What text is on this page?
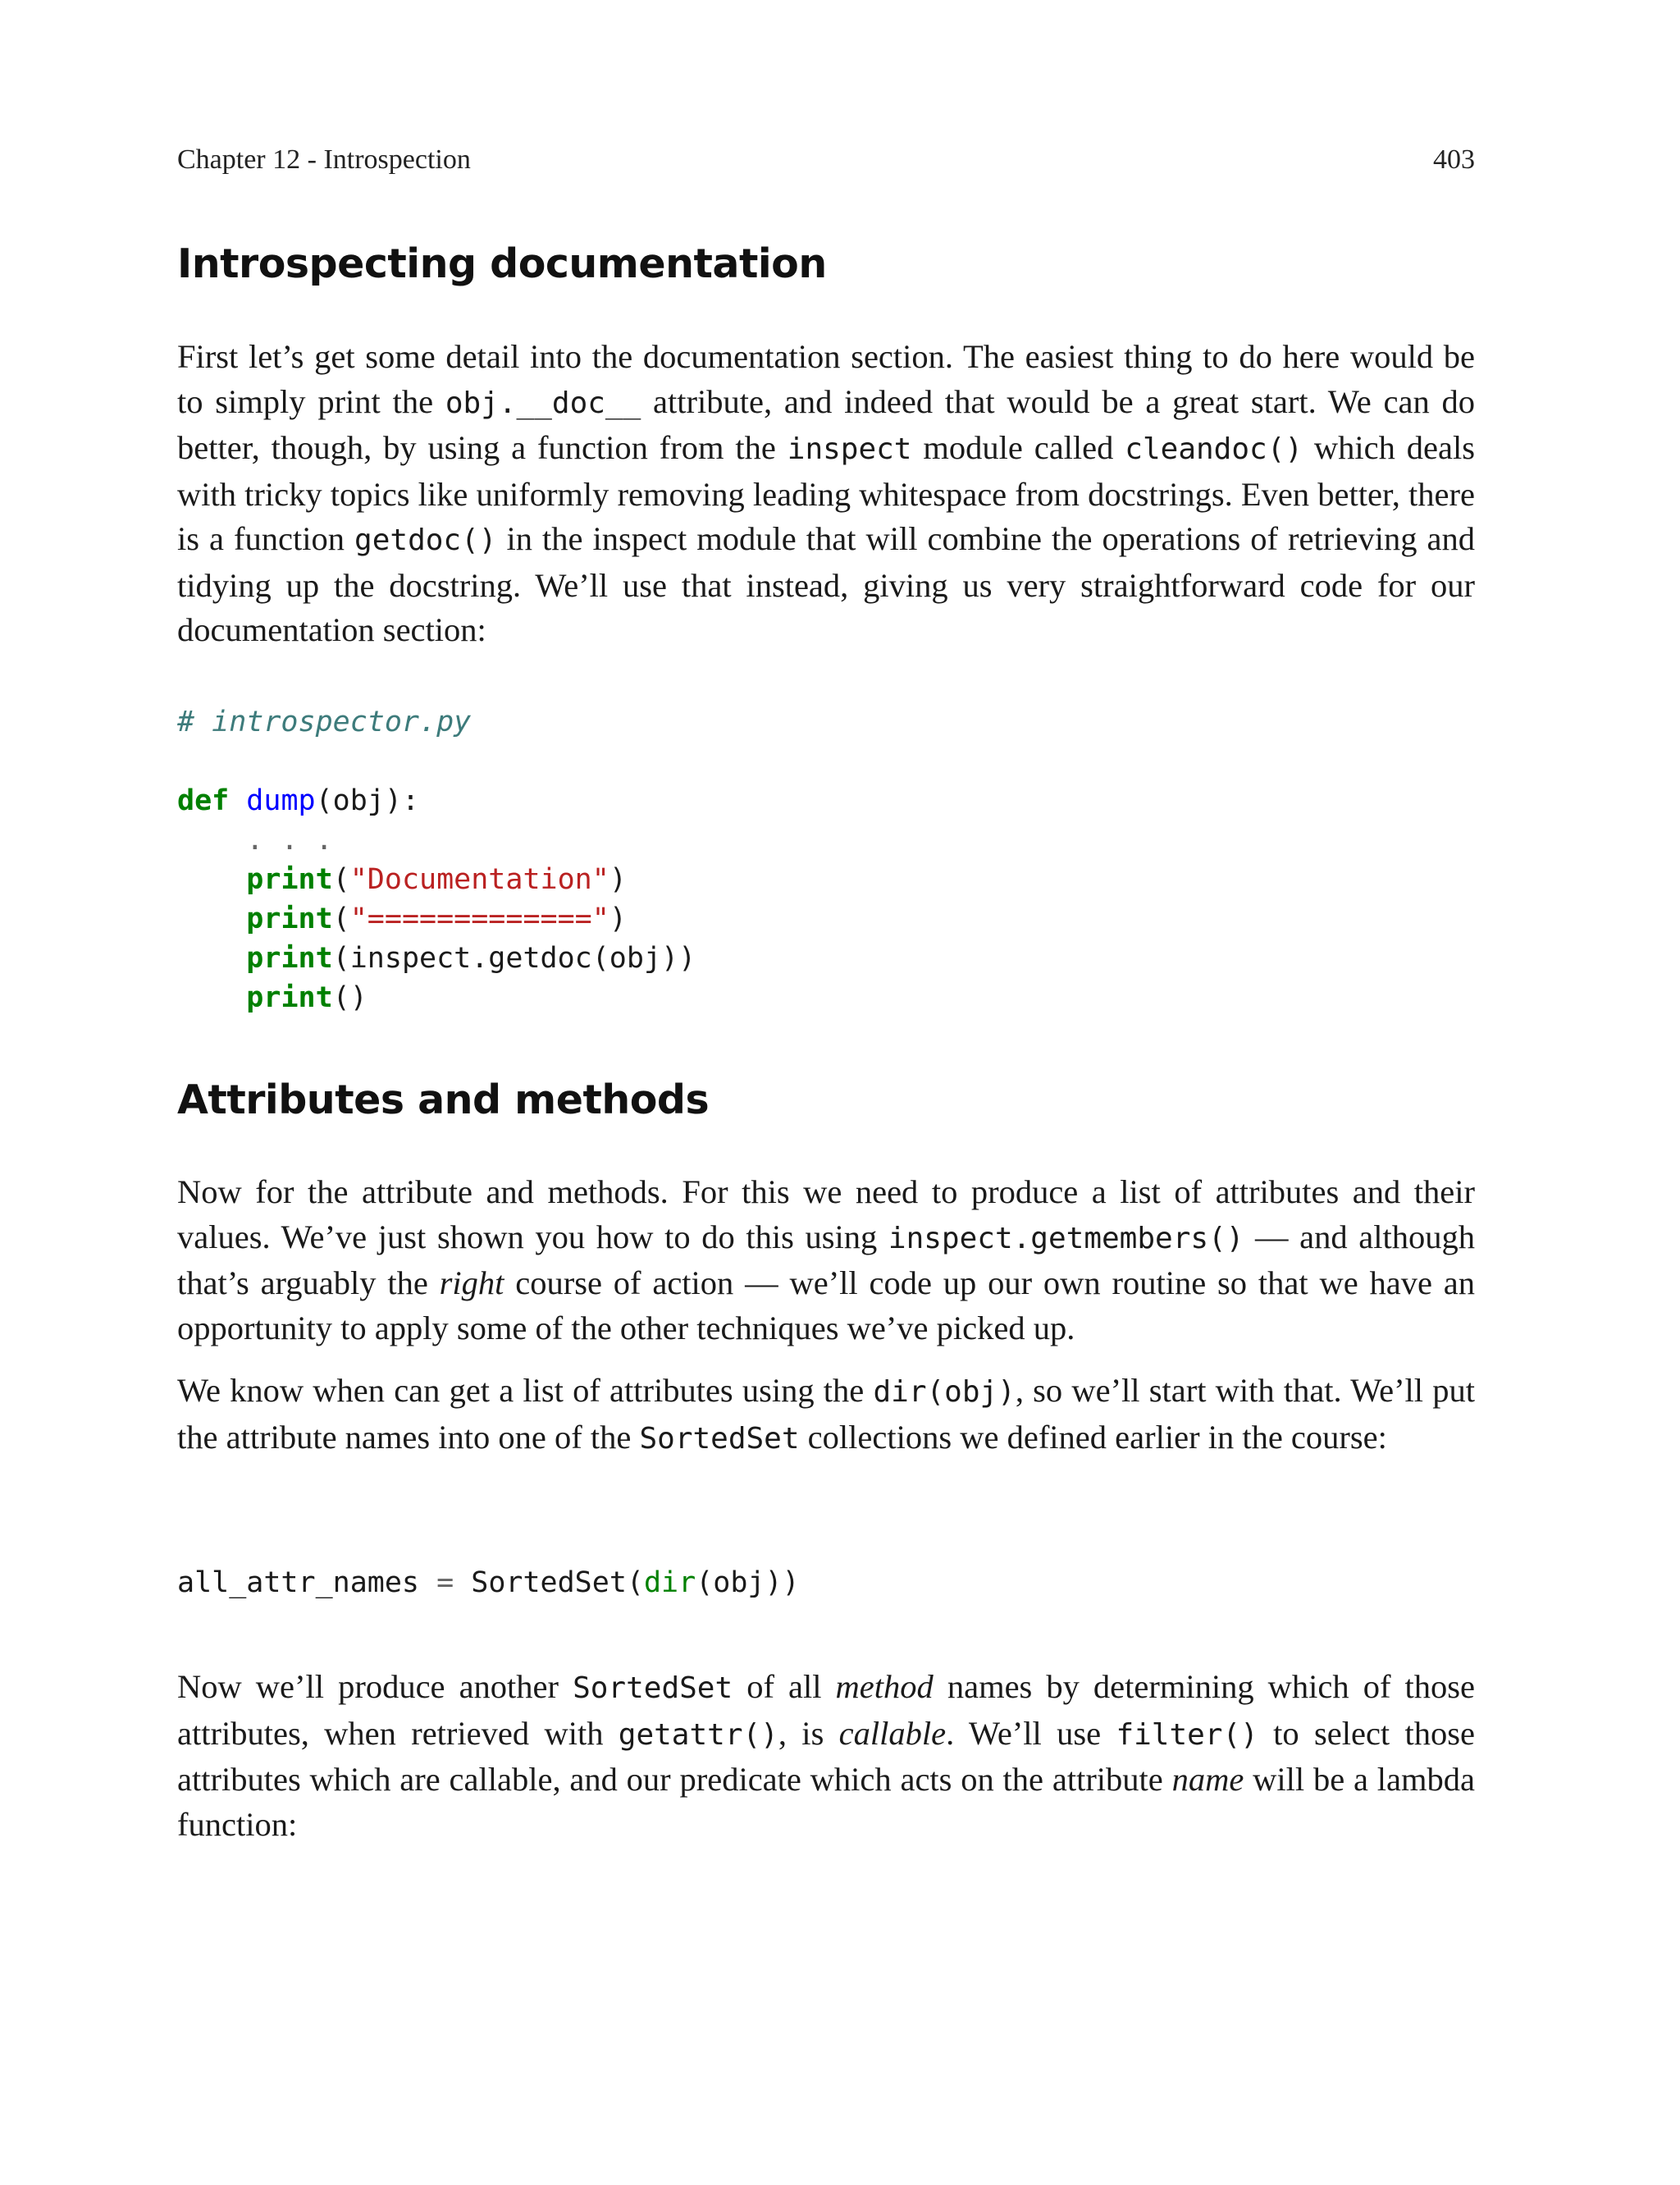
Chapter 12 - Introspection	403
Introspecting documentation

First let’s get some detail into the documentation section. The easiest thing to do here would be to simply print the obj.__doc__ attribute, and indeed that would be a great start. We can do better, though, by using a function from the inspect module called cleandoc() which deals with tricky topics like uniformly removing leading whitespace from docstrings. Even better, there is a function getdoc() in the inspect module that will combine the operations of retrieving and tidying up the docstring. We’ll use that instead, giving us very straightforward code for our documentation section:

# introspector.py

def dump(obj):
. . .
print("Documentation")
print("=============")
print(inspect.getdoc(obj))
print()
Attributes and methods

Now for the attribute and methods. For this we need to produce a list of attributes and their values. We’ve just shown you how to do this using inspect.getmembers() — and although that’s arguably the right course of action — we’ll code up our own routine so that we have an opportunity to apply some of the other techniques we’ve picked up.

We know when can get a list of attributes using the dir(obj), so we’ll start with that. We’ll put the attribute names into one of the SortedSet collections we defined earlier in the course:

all_attr_names = SortedSet(dir(obj))

Now we’ll produce another SortedSet of all method names by determining which of those attributes, when retrieved with getattr(), is callable. We’ll use filter() to select those attributes which are callable, and our predicate which acts on the attribute name will be a lambda function:
